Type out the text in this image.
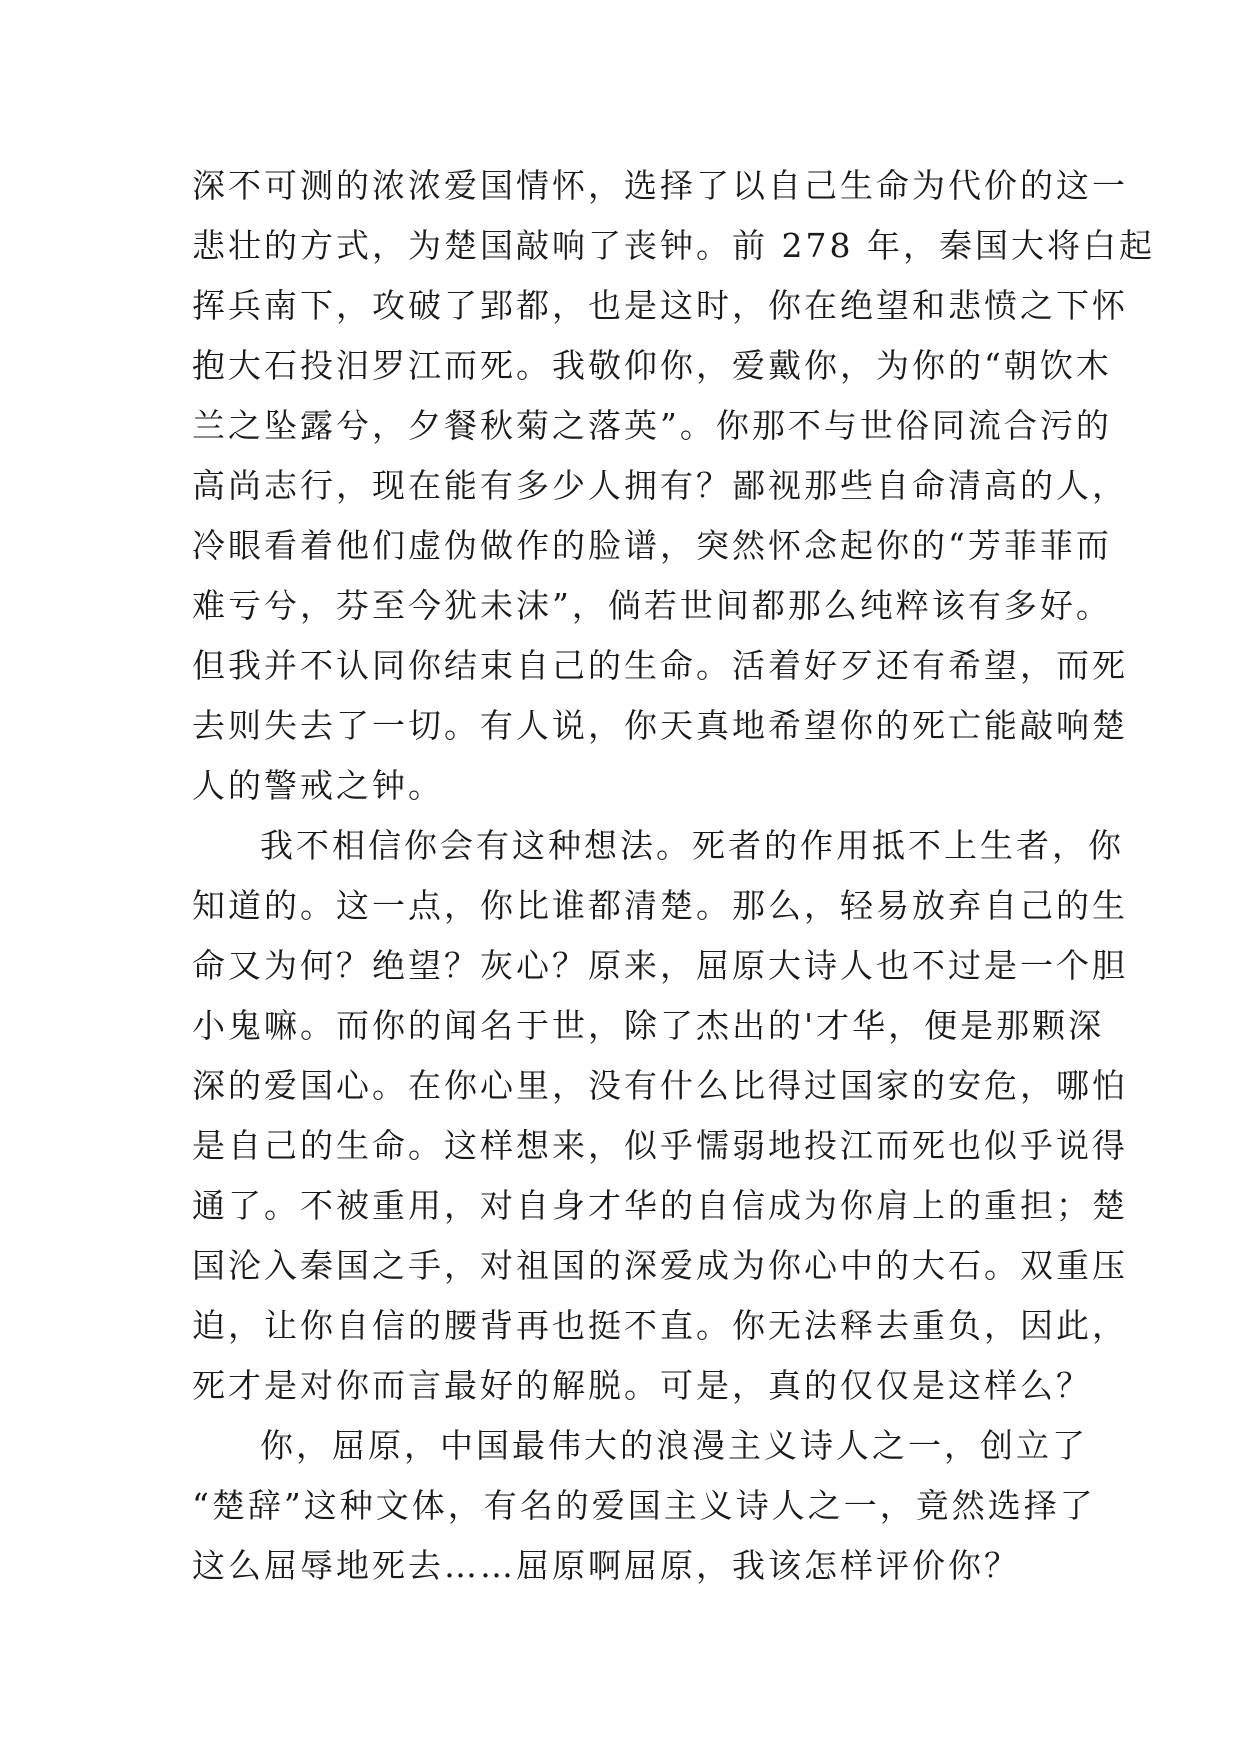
深不可测的浓浓爱国情怀，选择了以自己生命为代价的这一
悲壮的方式，为楚国敲响了丧钟。前 278 年，秦国大将白起
挥兵南下，攻破了郢都，也是这时，你在绝望和悲愤之下怀
抱大石投汨罗江而死。我敬仰你，爱戴你，为你的“朝饮木
兰之坠露兮，夕餐秋菊之落英”。你那不与世俗同流合污的
高尚志行，现在能有多少人拥有？鄙视那些自命清高的人，
冷眼看着他们虚伪做作的脸谱，突然怀念起你的“芳菲菲而
难亏兮，芬至今犹未沫”，倘若世间都那么纯粹该有多好。
但我并不认同你结束自己的生命。活着好歹还有希望，而死
去则失去了一切。有人说，你天真地希望你的死亡能敲响楚
人的警戒之钟。
我不相信你会有这种想法。死者的作用抵不上生者，你
知道的。这一点，你比谁都清楚。那么，轻易放弃自己的生
命又为何？绝望？灰心？原来，屈原大诗人也不过是一个胆
小鬼嘛。而你的闻名于世，除了杰出的'才华，便是那颗深
深的爱国心。在你心里，没有什么比得过国家的安危，哪怕
是自己的生命。这样想来，似乎懦弱地投江而死也似乎说得
通了。不被重用，对自身才华的自信成为你肩上的重担；楚
国沦入秦国之手，对祖国的深爱成为你心中的大石。双重压
迫，让你自信的腰背再也挺不直。你无法释去重负，因此，
死才是对你而言最好的解脱。可是，真的仅仅是这样么？
你，屈原，中国最伟大的浪漫主义诗人之一，创立了
“楚辞”这种文体，有名的爱国主义诗人之一，竟然选择了
这么屈辱地死去……屈原啊屈原，我该怎样评价你？
